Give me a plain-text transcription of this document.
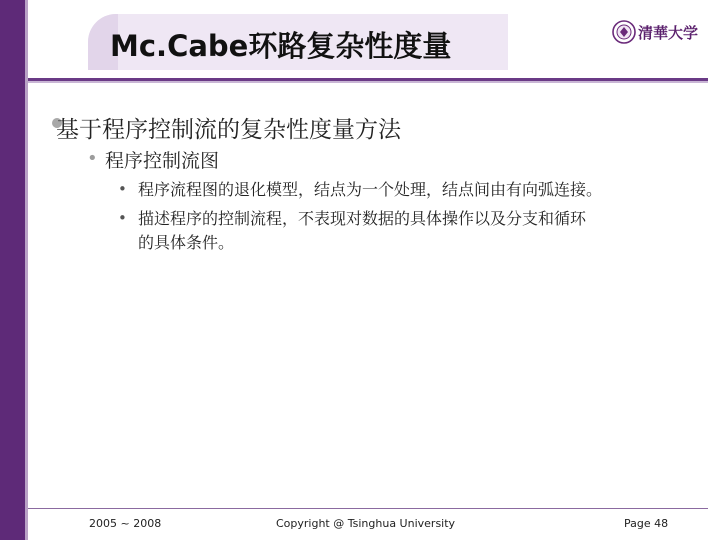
Mc.Cabe环路复杂性度量	清華大学
基于程序控制流的复杂性度量方法
• 程序控制流图
• 程序流程图的退化模型，结点为一个处理，结点间由有向弧连接。
• 描述程序的控制流程，不表现对数据的具体操作以及分支和循环
的具体条件。
2005 ~ 2008	Copyright @ Tsinghua University	Page 48
